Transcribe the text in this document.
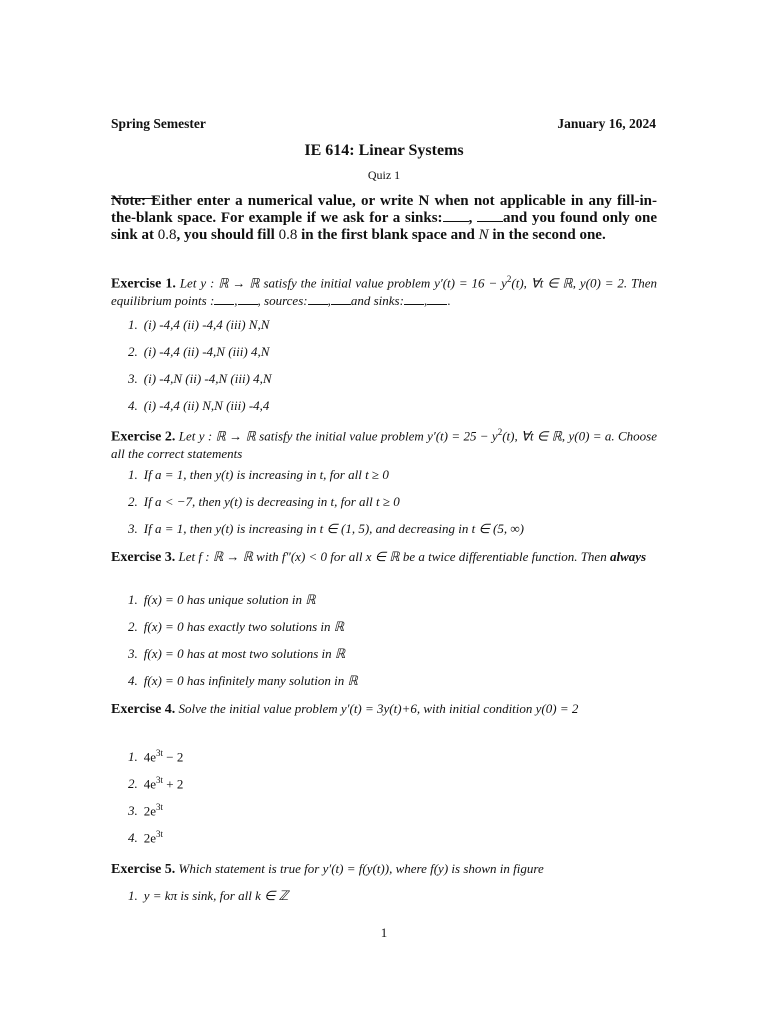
Spring Semester	January 16, 2024
IE 614: Linear Systems
Quiz 1
Note: Either enter a numerical value, or write N when not applicable in any fill-in-the-blank space. For example if we ask for a sinks: , and you found only one sink at 0.8, you should fill 0.8 in the first blank space and N in the second one.
Exercise 1. Let y : ℝ → ℝ satisfy the initial value problem $y'(t) = 16 - y^2(t)$, ∀t ∈ ℝ, y(0) = 2. Then equilibrium points : , , sources: , and sinks: , .
1. (i) -4,4 (ii) -4,4 (iii) N,N
2. (i) -4,4 (ii) -4,N (iii) 4,N
3. (i) -4,N (ii) -4,N (iii) 4,N
4. (i) -4,4 (ii) N,N (iii) -4,4
Exercise 2. Let y : ℝ → ℝ satisfy the initial value problem $y'(t) = 25 - y^2(t)$, ∀t ∈ ℝ, y(0) = a. Choose all the correct statements
1. If a = 1, then y(t) is increasing in t, for all t ≥ 0
2. If a < −7, then y(t) is decreasing in t, for all t ≥ 0
3. If a = 1, then y(t) is increasing in t ∈ (1, 5), and decreasing in t ∈ (5, ∞)
Exercise 3. Let f : ℝ → ℝ with f″(x) < 0 for all x ∈ ℝ be a twice differentiable function. Then always
1. f(x) = 0 has unique solution in ℝ
2. f(x) = 0 has exactly two solutions in ℝ
3. f(x) = 0 has at most two solutions in ℝ
4. f(x) = 0 has infinitely many solution in ℝ
Exercise 4. Solve the initial value problem y′(t) = 3y(t)+6, with initial condition y(0) = 2
1. $4e^{3t} - 2$
2. $4e^{3t} + 2$
3. $2e^{3t}$
4. $2e^{3t}$
Exercise 5. Which statement is true for y′(t) = f(y(t)), where f(y) is shown in figure
1. y = kπ is sink, for all k ∈ ℤ
1
